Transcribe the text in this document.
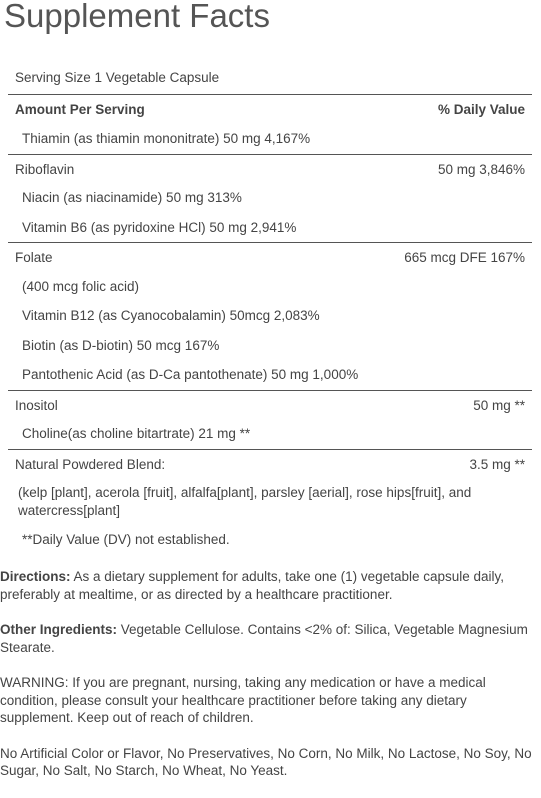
Supplement Facts
Serving Size 1 Vegetable Capsule
Amount Per Serving	% Daily Value
Thiamin (as thiamin mononitrate) 50 mg 4,167%
Riboflavin	50 mg 3,846%
Niacin (as niacinamide) 50 mg 313%
Vitamin B6 (as pyridoxine HCl) 50 mg 2,941%
Folate	665 mcg DFE 167%
(400 mcg folic acid)
Vitamin B12 (as Cyanocobalamin) 50mcg 2,083%
Biotin (as D-biotin) 50 mcg 167%
Pantothenic Acid (as D-Ca pantothenate) 50 mg 1,000%
Inositol	50 mg **
Choline(as choline bitartrate) 21 mg **
Natural Powdered Blend:	3.5 mg **
(kelp [plant], acerola [fruit], alfalfa[plant], parsley [aerial], rose hips[fruit], and watercress[plant]
**Daily Value (DV) not established.

Directions: As a dietary supplement for adults, take one (1) vegetable capsule daily, preferably at mealtime, or as directed by a healthcare practitioner.

Other Ingredients: Vegetable Cellulose. Contains <2% of: Silica, Vegetable Magnesium Stearate.

WARNING: If you are pregnant, nursing, taking any medication or have a medical condition, please consult your healthcare practitioner before taking any dietary supplement. Keep out of reach of children.

No Artificial Color or Flavor, No Preservatives, No Corn, No Milk, No Lactose, No Soy, No Sugar, No Salt, No Starch, No Wheat, No Yeast.
